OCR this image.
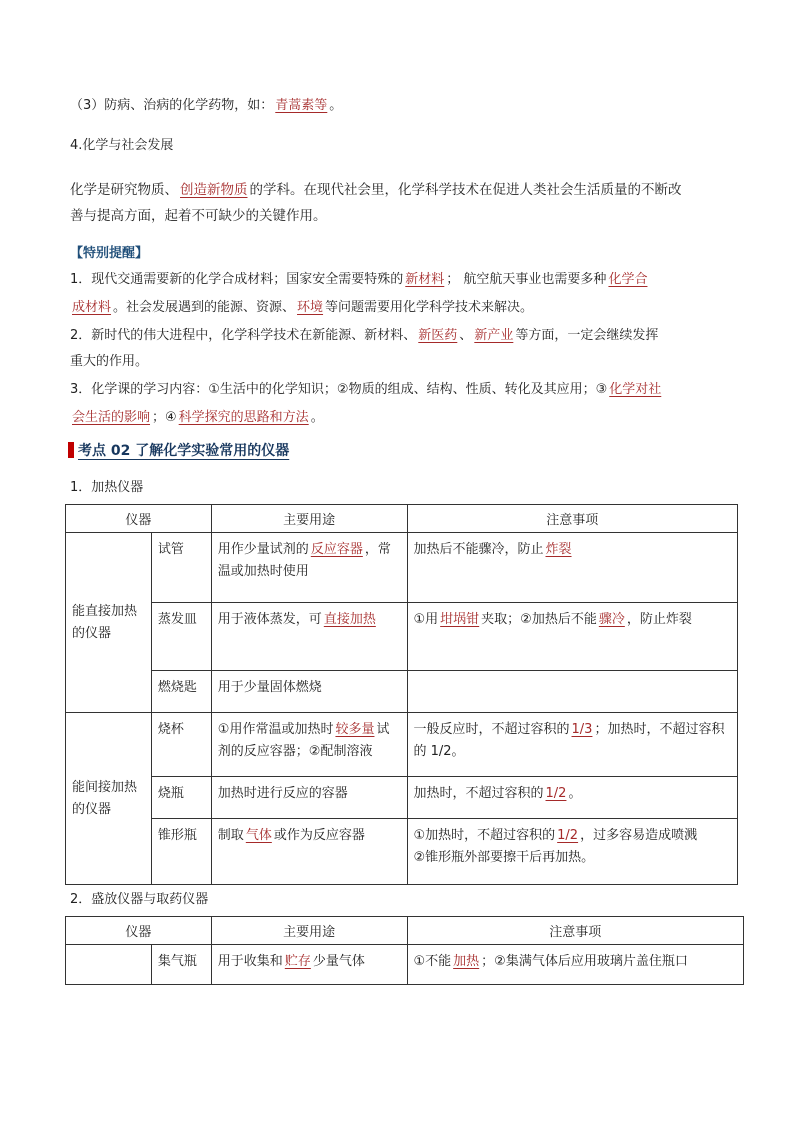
（3）防病、治病的化学药物，如： 青蒿素等 。
4.化学与社会发展
化学是研究物质、 创造新物质 的学科。在现代社会里，化学科学技术在促进人类社会生活质量的不断改
善与提高方面，起着不可缺少的关键作用。
【特别提醒】
1．现代交通需要新的化学合成材料；国家安全需要特殊的 新材料 ； 航空航天事业也需要多种 化学合
成材料 。社会发展遇到的能源、资源、 环境 等问题需要用化学科学技术来解决。
2．新时代的伟大进程中，化学科学技术在新能源、新材料、 新医药 、 新产业 等方面，一定会继续发挥
重大的作用。
3．化学课的学习内容：①生活中的化学知识；②物质的组成、结构、性质、转化及其应用；③ 化学对社
会生活的影响 ；④ 科学探究的思路和方法 。
考点 02 了解化学实验常用的仪器
1．加热仪器
仪器		主要用途	注意事项
能直接加热的仪器	试管	用作少量试剂的 反应容器 ，常温或加热时使用	加热后不能骤冷，防止 炸裂
	蒸发皿	用于液体蒸发，可 直接加热	①用 坩埚钳 夹取；②加热后不能 骤冷 ，防止炸裂
	燃烧匙	用于少量固体燃烧	
能间接加热的仪器	烧杯	①用作常温或加热时 较多量 试剂的反应容器；②配制溶液	一般反应时，不超过容积的 1/3 ；加热时，不超过容积的 1/2。
	烧瓶	加热时进行反应的容器	加热时，不超过容积的 1/2 。
	锥形瓶	制取 气体 或作为反应容器	①加热时，不超过容积的 1/2 ，过多容易造成喷溅
②锥形瓶外部要擦干后再加热。
2．盛放仪器与取药仪器
仪器		主要用途	注意事项
	集气瓶	用于收集和 贮存 少量气体	①不能 加热 ；②集满气体后应用玻璃片盖住瓶口
